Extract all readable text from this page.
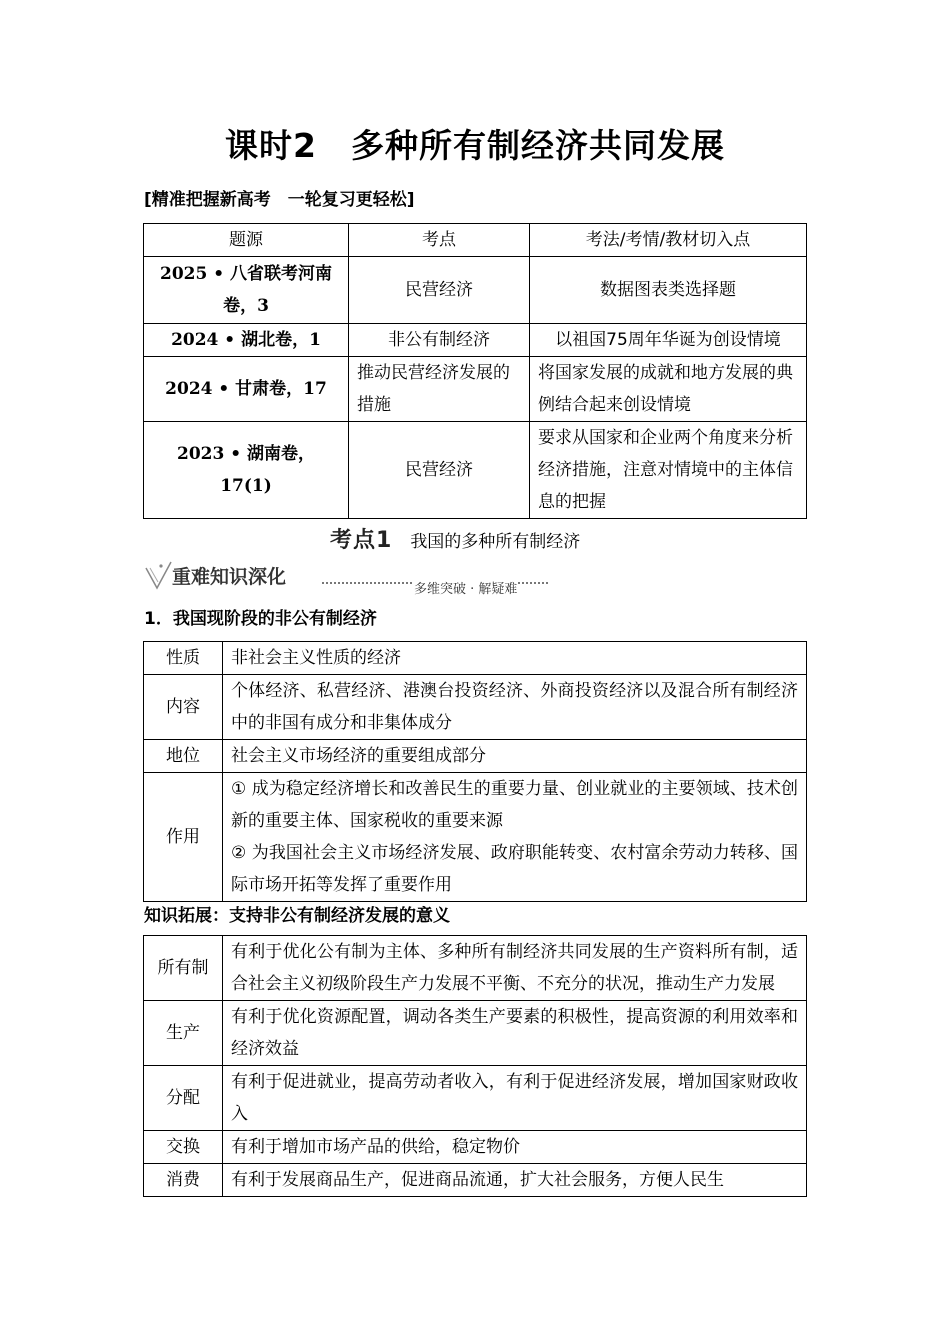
课时2　多种所有制经济共同发展
[精准把握新高考　一轮复习更轻松]
题源	考点	考法/考情/教材切入点
2025 • 八省联考河南卷，3	民营经济	数据图表类选择题
2024 • 湖北卷，1	非公有制经济	以祖国75周年华诞为创设情境
2024 • 甘肃卷，17	推动民营经济发展的措施	将国家发展的成就和地方发展的典例结合起来创设情境
2023 • 湖南卷，17(1)	民营经济	要求从国家和企业两个角度来分析经济措施，注意对情境中的主体信息的把握
考点1 我国的多种所有制经济
重难知识深化
多维突破 · 解疑难
1．我国现阶段的非公有制经济
性质	非社会主义性质的经济
内容	个体经济、私营经济、港澳台投资经济、外商投资经济以及混合所有制经济中的非国有成分和非集体成分
地位	社会主义市场经济的重要组成部分
作用	① 成为稳定经济增长和改善民生的重要力量、创业就业的主要领域、技术创新的重要主体、国家税收的重要来源
② 为我国社会主义市场经济发展、政府职能转变、农村富余劳动力转移、国际市场开拓等发挥了重要作用
知识拓展：支持非公有制经济发展的意义
所有制	有利于优化公有制为主体、多种所有制经济共同发展的生产资料所有制，适合社会主义初级阶段生产力发展不平衡、不充分的状况，推动生产力发展
生产	有利于优化资源配置，调动各类生产要素的积极性，提高资源的利用效率和经济效益
分配	有利于促进就业，提高劳动者收入，有利于促进经济发展，增加国家财政收入
交换	有利于增加市场产品的供给，稳定物价
消费	有利于发展商品生产，促进商品流通，扩大社会服务，方便人民生
